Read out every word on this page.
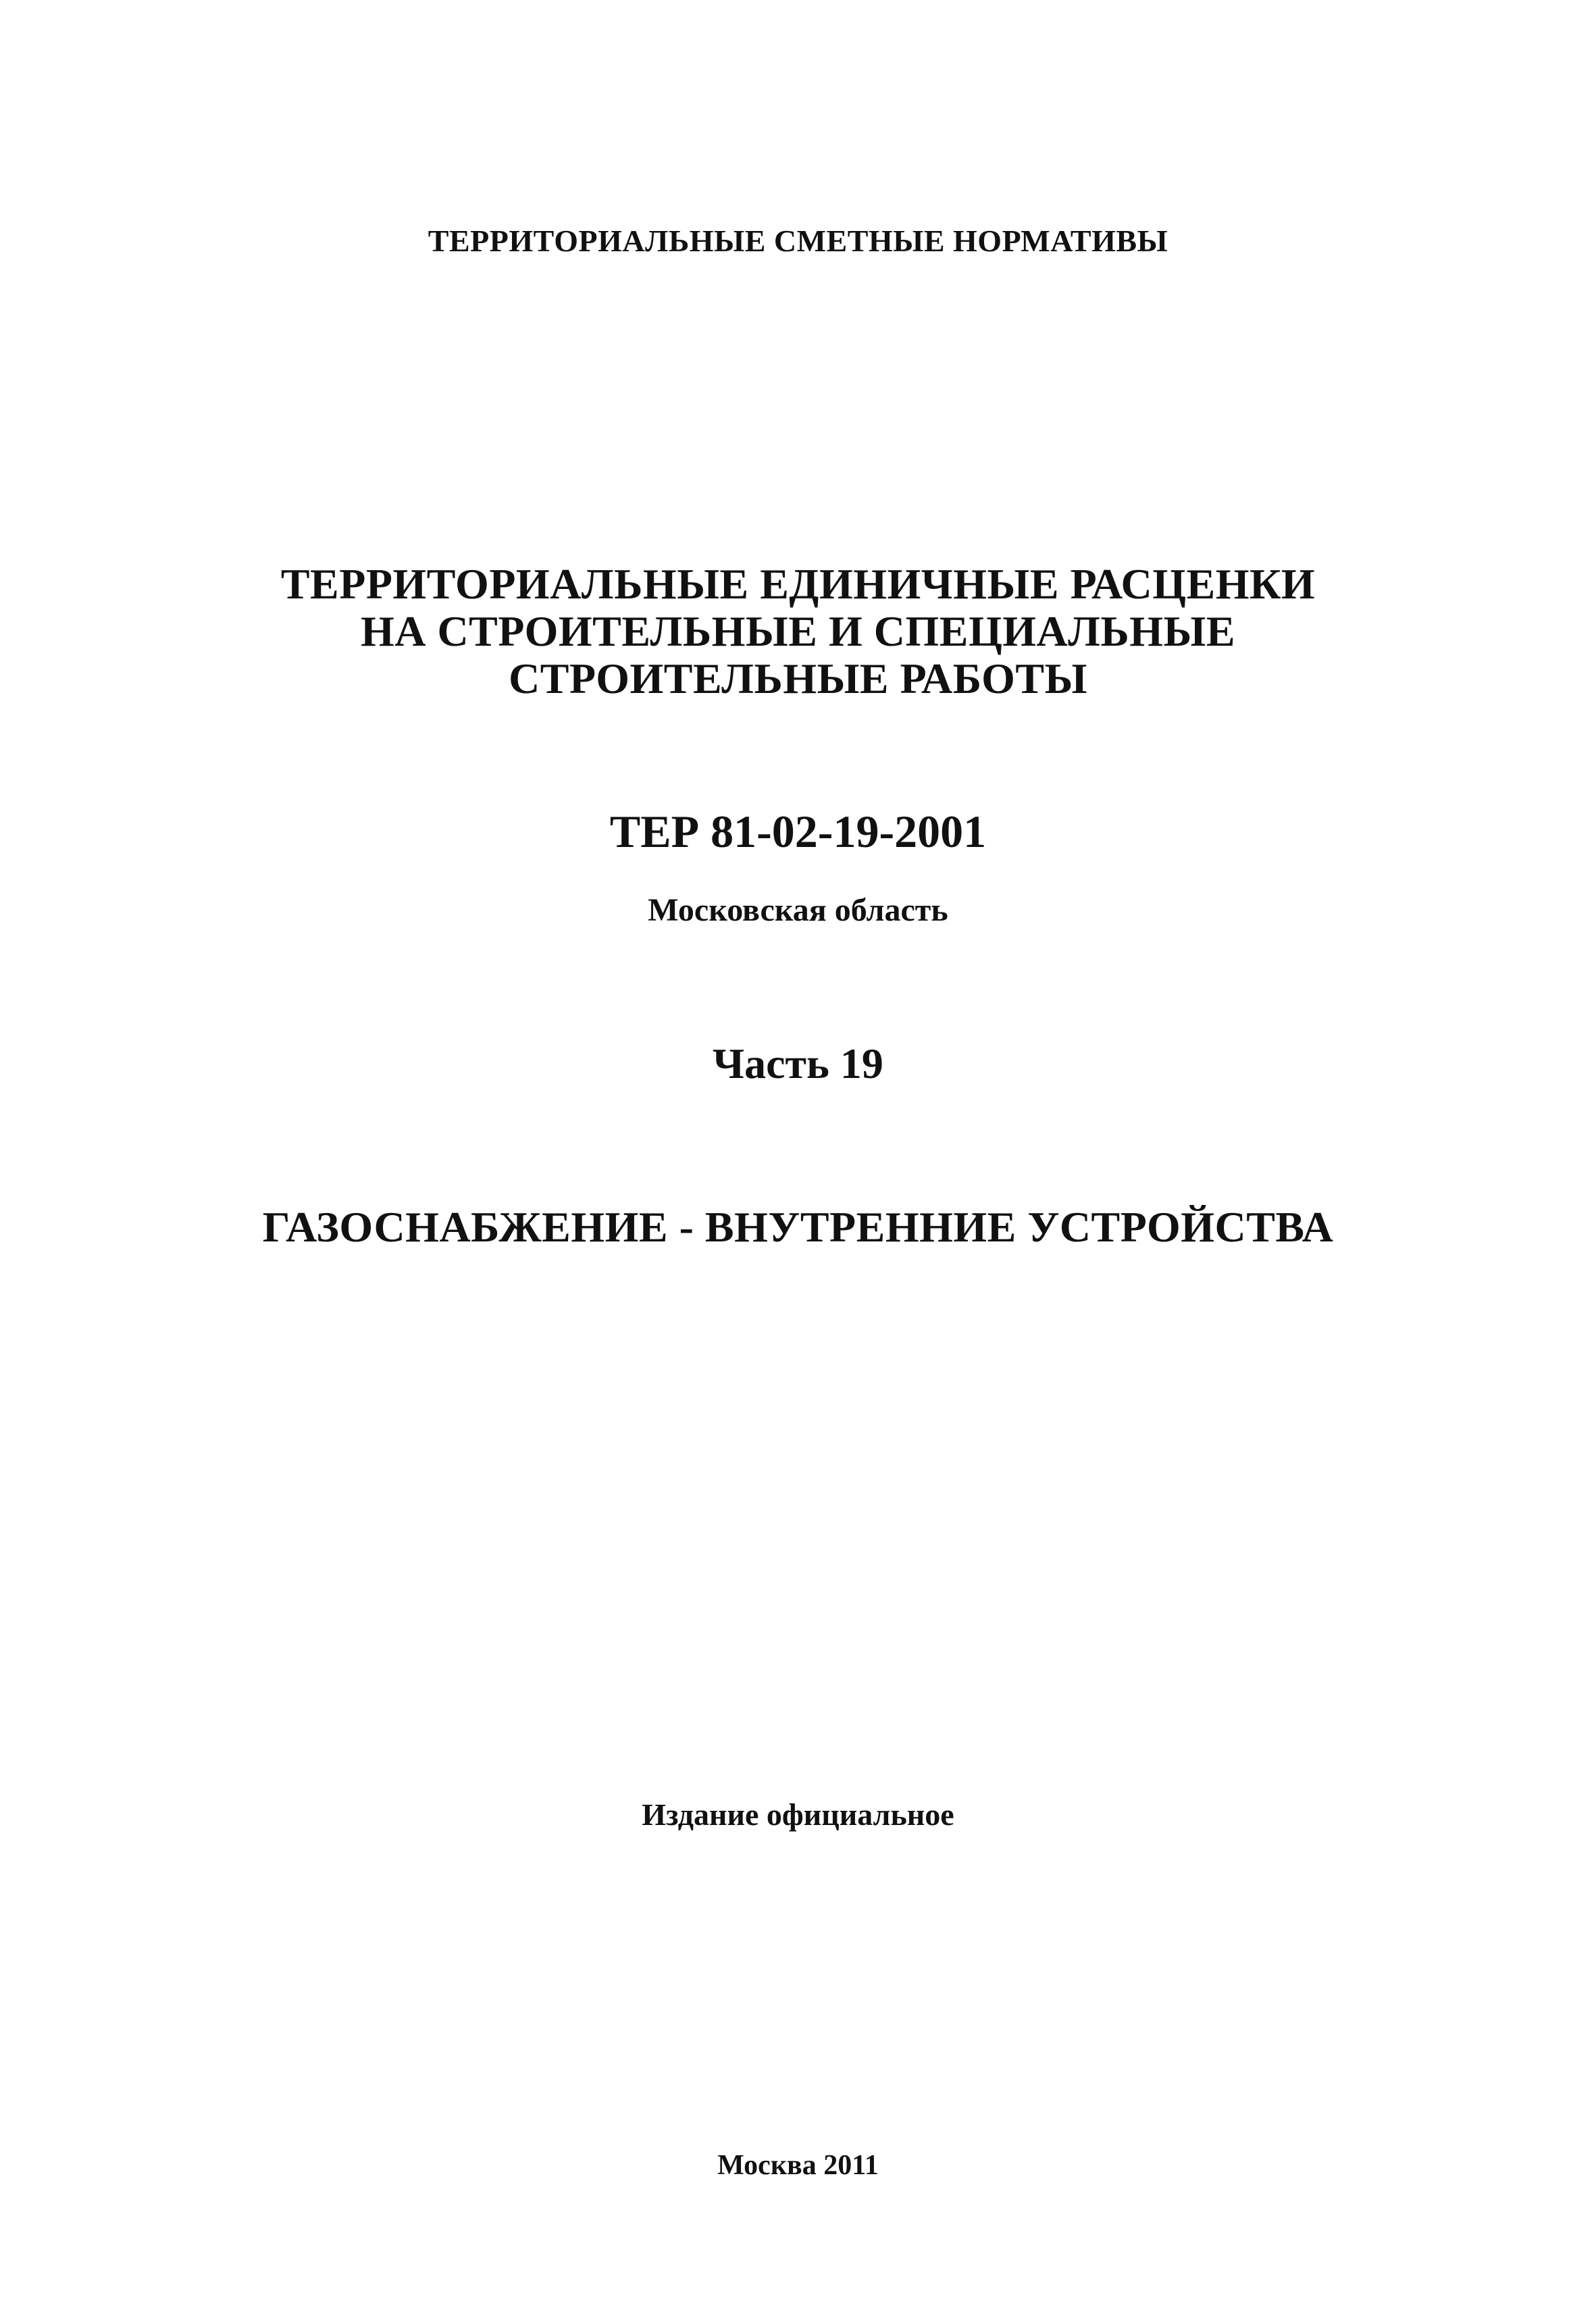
ТЕРРИТОРИАЛЬНЫЕ СМЕТНЫЕ НОРМАТИВЫ

ТЕРРИТОРИАЛЬНЫЕ ЕДИНИЧНЫЕ РАСЦЕНКИ
НА СТРОИТЕЛЬНЫЕ И СПЕЦИАЛЬНЫЕ
СТРОИТЕЛЬНЫЕ РАБОТЫ

ТЕР 81-02-19-2001

Московская область

Часть 19

ГАЗОСНАБЖЕНИЕ - ВНУТРЕННИЕ УСТРОЙСТВА

Издание официальное

Москва 2011
